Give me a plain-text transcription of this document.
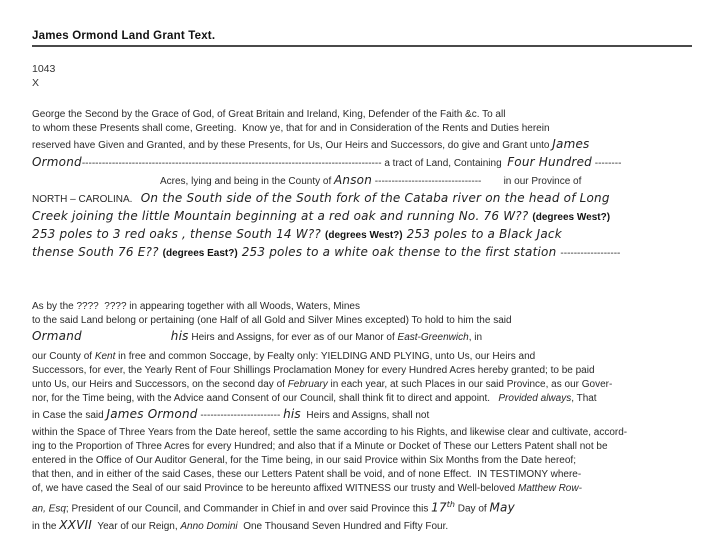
James Ormond Land Grant Text.
1043
X
George the Second by the Grace of God, of Great Britain and Ireland, King, Defender of the Faith &c. To all
to whom these Presents shall come, Greeting.  Know ye, that for and in Consideration of the Rents and Duties herein
reserved have Given and Granted, and by these Presents, for Us, Our Heirs and Successors, do give and Grant unto James
Ormond------------------------------------------------------------------------------------------ a tract of Land, Containing  Four Hundred --------
Acres, lying and being in the County of Anson --------------------------------        in our Province of
NORTH – CAROLINA.   On the South side of the South fork of the Cataba river on the head of Long
Creek joining the little Mountain beginning at a red oak and running No. 76 W?? (degrees West?)
253 poles to 3 red oaks , thense South 14 W?? (degrees West?) 253 poles to a Black Jack
thense South 76 E?? (degrees East?) 253 poles to a white oak thense to the first station ------------------
As by the ????  ???? in appearing together with all Woods, Waters, Mines
to the said Land belong or pertaining (one Half of all Gold and Silver Mines excepted) To hold to him the said
Ormand	his Heirs and Assigns, for ever as of our Manor of East-Greenwich, in
our County of Kent in free and common Soccage, by Fealty only: YIELDING AND PLYING, unto Us, our Heirs and
Successors, for ever, the Yearly Rent of Four Shillings Proclamation Money for every Hundred Acres hereby granted; to be paid
unto Us, our Heirs and Successors, on the second day of February in each year, at such Places in our said Province, as our Gover-
nor, for the Time being, with the Advice aand Consent of our Council, shall think fit to direct and appoint.   Provided always, That
in Case the said James Ormond ------------------------ his  Heirs and Assigns, shall not
within the Space of Three Years from the Date hereof, settle the same according to his Rights, and likewise clear and cultivate, accord-
ing to the Proportion of Three Acres for every Hundred; and also that if a Minute or Docket of These our Letters Patent shall not be
entered in the Office of Our Auditor General, for the Time being, in our said Provice within Six Months from the Date hereof;
that then, and in either of the said Cases, these our Letters Patent shall be void, and of none Effect.  IN TESTIMONY where-
of, we have cased the Seal of our said Province to be hereunto affixed WITNESS our trusty and Well-beloved Matthew Row-
an, Esq; President of our Council, and Commander in Chief in and over said Province this 17th Day of May
in the XXVII  Year of our Reign, Anno Domini  One Thousand Seven Hundred and Fifty Four.
